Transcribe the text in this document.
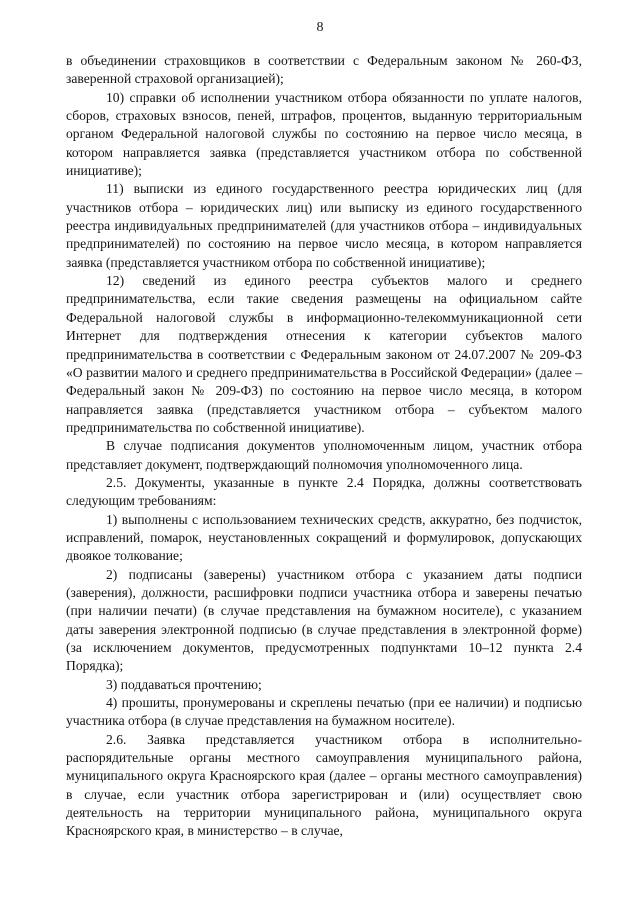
8

в объединении страховщиков в соответствии с Федеральным законом № 260-ФЗ, заверенной страховой организацией);

10) справки об исполнении участником отбора обязанности по уплате налогов, сборов, страховых взносов, пеней, штрафов, процентов, выданную территориальным органом Федеральной налоговой службы по состоянию на первое число месяца, в котором направляется заявка (представляется участником отбора по собственной инициативе);

11) выписки из единого государственного реестра юридических лиц (для участников отбора – юридических лиц) или выписку из единого государственного реестра индивидуальных предпринимателей (для участников отбора – индивидуальных предпринимателей) по состоянию на первое число месяца, в котором направляется заявка (представляется участником отбора по собственной инициативе);

12) сведений из единого реестра субъектов малого и среднего предпринимательства, если такие сведения размещены на официальном сайте Федеральной налоговой службы в информационно-телекоммуникационной сети Интернет для подтверждения отнесения к категории субъектов малого предпринимательства в соответствии с Федеральным законом от 24.07.2007 № 209-ФЗ «О развитии малого и среднего предпринимательства в Российской Федерации» (далее – Федеральный закон № 209-ФЗ) по состоянию на первое число месяца, в котором направляется заявка (представляется участником отбора – субъектом малого предпринимательства по собственной инициативе).

В случае подписания документов уполномоченным лицом, участник отбора представляет документ, подтверждающий полномочия уполномоченного лица.

2.5. Документы, указанные в пункте 2.4 Порядка, должны соответствовать следующим требованиям:

1) выполнены с использованием технических средств, аккуратно, без подчисток, исправлений, помарок, неустановленных сокращений и формулировок, допускающих двоякое толкование;

2) подписаны (заверены) участником отбора с указанием даты подписи (заверения), должности, расшифровки подписи участника отбора и заверены печатью (при наличии печати) (в случае представления на бумажном носителе), с указанием даты заверения электронной подписью (в случае представления в электронной форме) (за исключением документов, предусмотренных подпунктами 10–12 пункта 2.4 Порядка);

3) поддаваться прочтению;

4) прошиты, пронумерованы и скреплены печатью (при ее наличии) и подписью участника отбора (в случае представления на бумажном носителе).

2.6. Заявка представляется участником отбора в исполнительно-распорядительные органы местного самоуправления муниципального района, муниципального округа Красноярского края (далее – органы местного самоуправления) в случае, если участник отбора зарегистрирован и (или) осуществляет свою деятельность на территории муниципального района, муниципального округа Красноярского края, в министерство – в случае,
